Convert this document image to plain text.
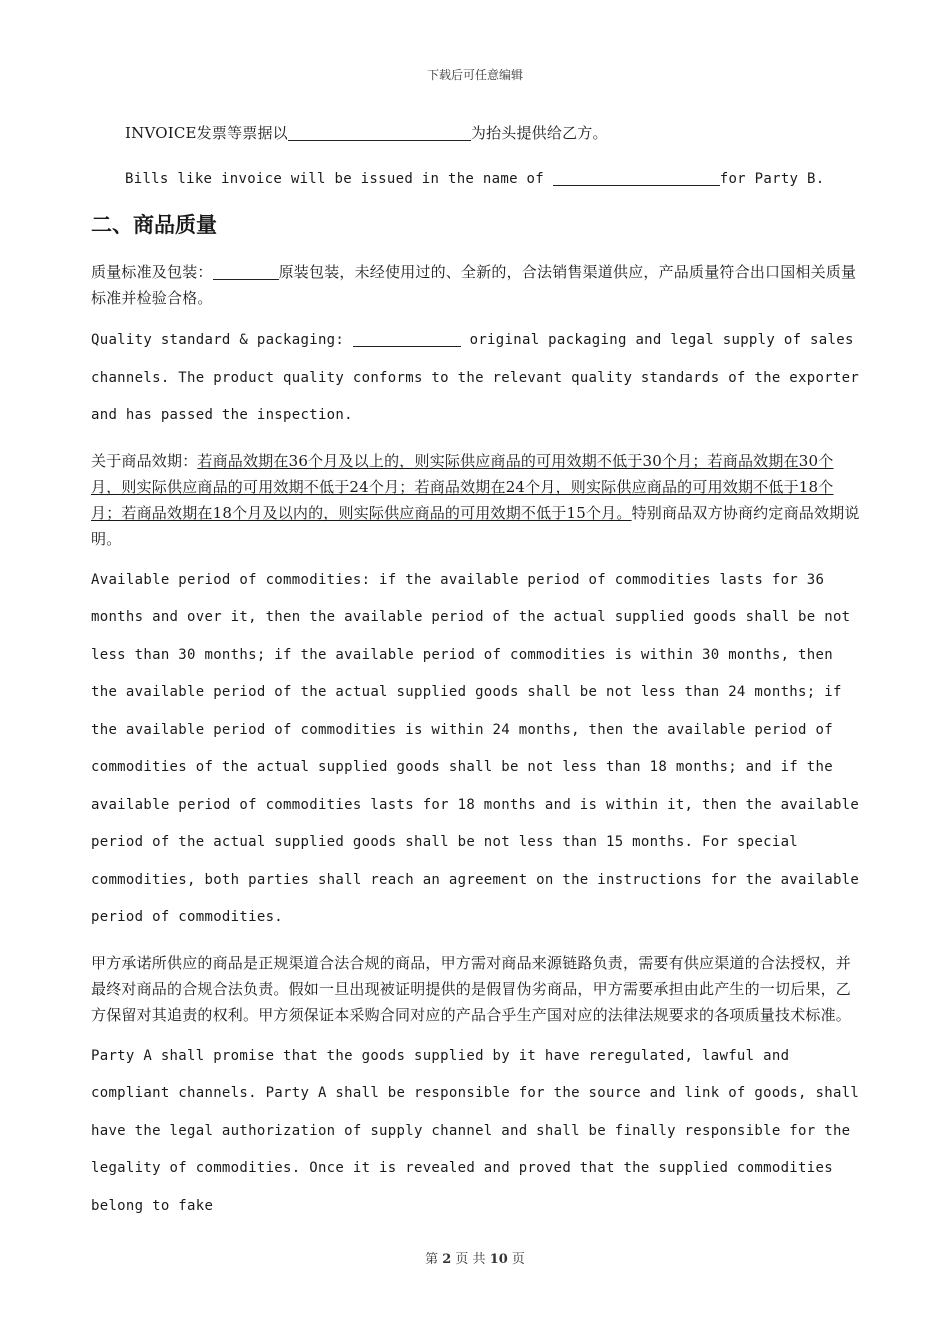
下载后可任意编辑
INVOICE发票等票据以	为抬头提供给乙方。
Bills like invoice will be issued in the name of	for Party B.
二、商品质量
质量标准及包装：	原装包装，未经使用过的、全新的，合法销售渠道供应，产品质量符合出口国相关质量标准并检验合格。
Quality standard & packaging:	original packaging and legal supply of sales channels. The product quality conforms to the relevant quality standards of the exporter and has passed the inspection.
关于商品效期：若商品效期在36个月及以上的，则实际供应商品的可用效期不低于30个月；若商品效期在30个月，则实际供应商品的可用效期不低于24个月；若商品效期在24个月，则实际供应商品的可用效期不低于18个月；若商品效期在18个月及以内的，则实际供应商品的可用效期不低于15个月。特别商品双方协商约定商品效期说明。
Available period of commodities: if the available period of commodities lasts for 36 months and over it, then the available period of the actual supplied goods shall be not less than 30 months; if the available period of commodities is within 30 months, then the available period of the actual supplied goods shall be not less than 24 months; if the available period of commodities is within 24 months, then the available period of commodities of the actual supplied goods shall be not less than 18 months; and if the available period of commodities lasts for 18 months and is within it, then the available period of the actual supplied goods shall be not less than 15 months. For special commodities, both parties shall reach an agreement on the instructions for the available period of commodities.
甲方承诺所供应的商品是正规渠道合法合规的商品，甲方需对商品来源链路负责，需要有供应渠道的合法授权，并最终对商品的合规合法负责。假如一旦出现被证明提供的是假冒伪劣商品，甲方需要承担由此产生的一切后果，乙方保留对其追责的权利。甲方须保证本采购合同对应的产品合乎生产国对应的法律法规要求的各项质量技术标准。
Party A shall promise that the goods supplied by it have reregulated, lawful and compliant channels. Party A shall be responsible for the source and link of goods, shall have the legal authorization of supply channel and shall be finally responsible for the legality of commodities. Once it is revealed and proved that the supplied commodities belong to fake
第 2 页 共 10 页
